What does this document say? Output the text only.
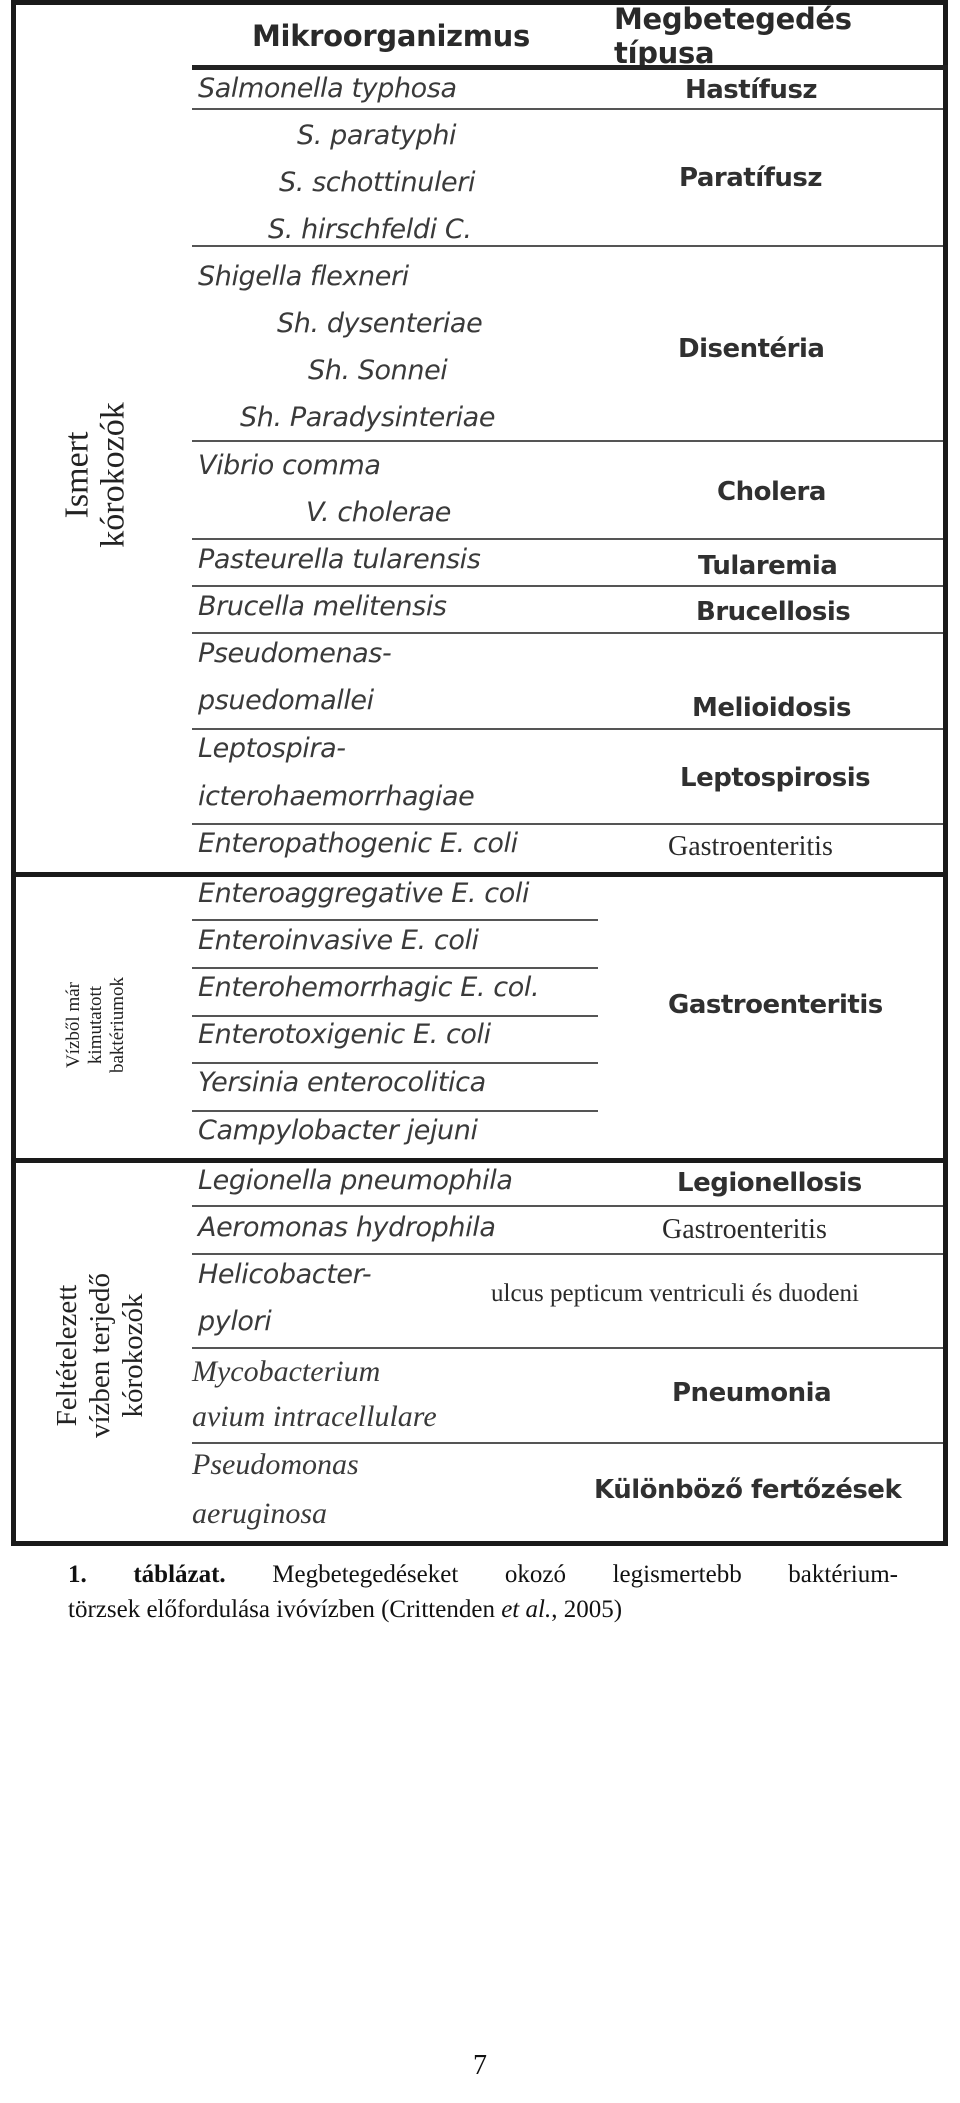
Mikroorganizmus	Megbetegedés típusa
Ismert kórokozók
Vízből már kimutatott baktériumok
Feltételezett vízben terjedő kórokozók
Salmonella typhosa
S. paratyphi
S. schottinuleri
S. hirschfeldi C.
Shigella flexneri
Sh. dysenteriae
Sh. Sonnei
Sh. Paradysinteriae
Vibrio comma
V. cholerae
Pasteurella tularensis
Brucella melitensis
Pseudomenas-
psuedomallei
Leptospira-
icterohaemorrhagiae
Enteropathogenic E. coli
Enteroaggregative E. coli
Enteroinvasive E. coli
Enterohemorrhagic E. col.
Enterotoxigenic E. coli
Yersinia enterocolitica
Campylobacter jejuni
Legionella pneumophila
Aeromonas hydrophila
Helicobacter-
pylori
Mycobacterium
avium intracellulare
Pseudomonas
aeruginosa
Hastífusz
Paratífusz
Disentéria
Cholera
Tularemia
Brucellosis
Melioidosis
Leptospirosis
Gastroenteritis
Gastroenteritis
Legionellosis
Gastroenteritis
ulcus pepticum ventriculi és duodeni
Pneumonia
Különböző fertőzések
1. táblázat. Megbetegedéseket okozó legismertebb baktérium-
törzsek előfordulása ivóvízben (Crittenden et al., 2005)
7
